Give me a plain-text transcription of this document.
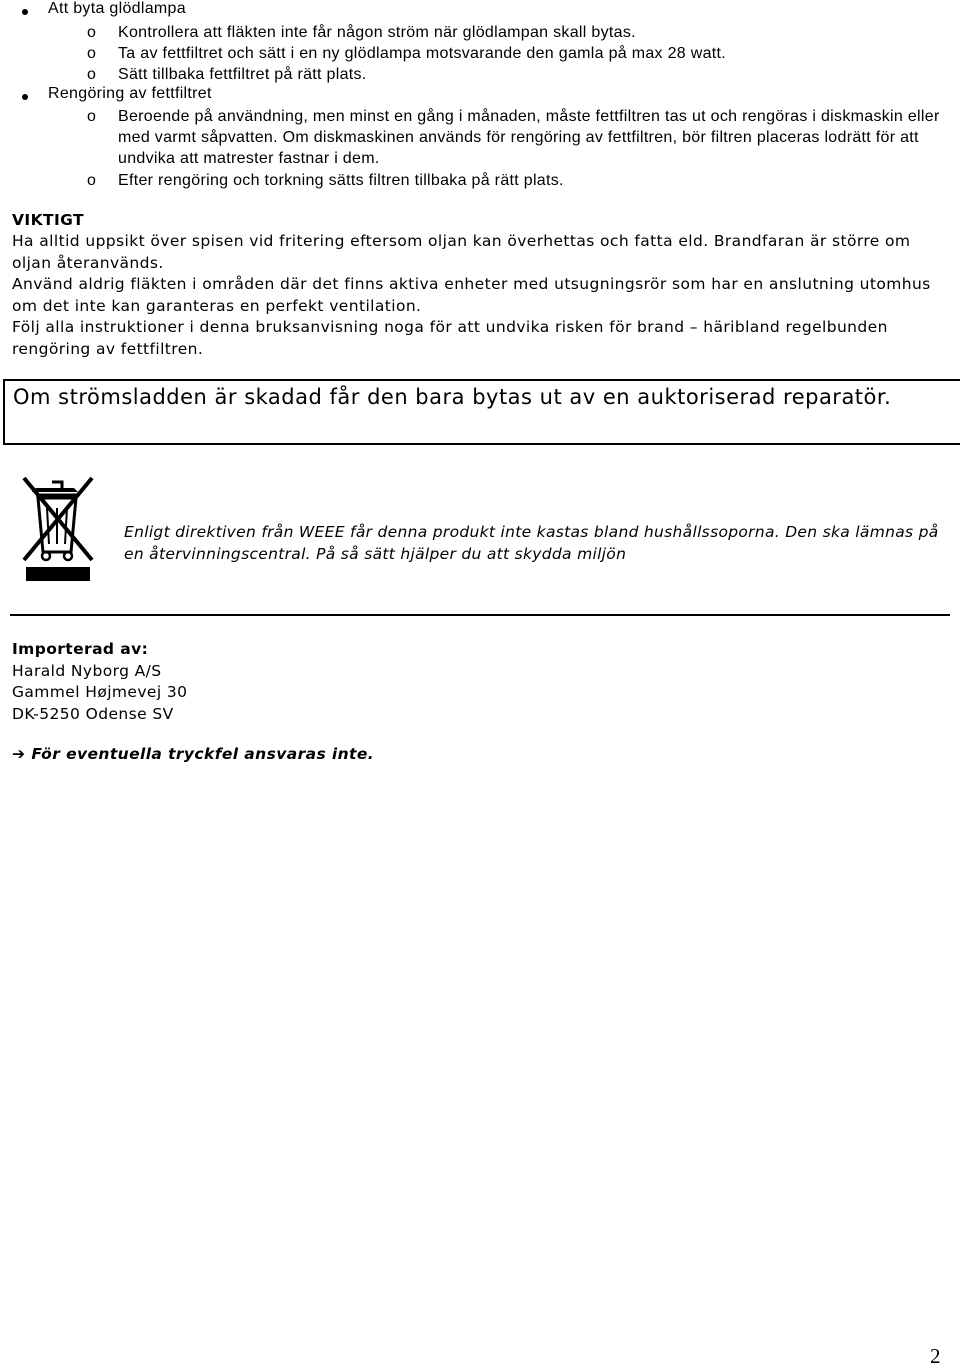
Att byta glödlampa
o Kontrollera att fläkten inte får någon ström när glödlampan skall bytas.
o Ta av fettfiltret och sätt i en ny glödlampa motsvarande den gamla på max 28 watt.
o Sätt tillbaka fettfiltret på rätt plats.
Rengöring av fettfiltret
o Beroende på användning, men minst en gång i månaden, måste fettfiltren tas ut och rengöras i diskmaskin eller med varmt såpvatten. Om diskmaskinen används för rengöring av fettfiltren, bör filtren placeras lodrätt för att undvika att matrester fastnar i dem.
o Efter rengöring och torkning sätts filtren tillbaka på rätt plats.
VIKTIGT
Ha alltid uppsikt över spisen vid fritering eftersom oljan kan överhettas och fatta eld. Brandfaran är större om oljan återanvänds.
Använd aldrig fläkten i områden där det finns aktiva enheter med utsugningsrör som har en anslutning utomhus om det inte kan garanteras en perfekt ventilation.
Följ alla instruktioner i denna bruksanvisning noga för att undvika risken för brand – häribland regelbunden rengöring av fettfiltren.
Om strömsladden är skadad får den bara bytas ut av en auktoriserad reparatör.
Enligt direktiven från WEEE får denna produkt inte kastas bland hushållssoporna. Den ska lämnas på en återvinningscentral. På så sätt hjälper du att skydda miljön
Importerad av:
Harald Nyborg A/S
Gammel Højmevej 30
DK-5250 Odense SV
➔ För eventuella tryckfel ansvaras inte.
2
